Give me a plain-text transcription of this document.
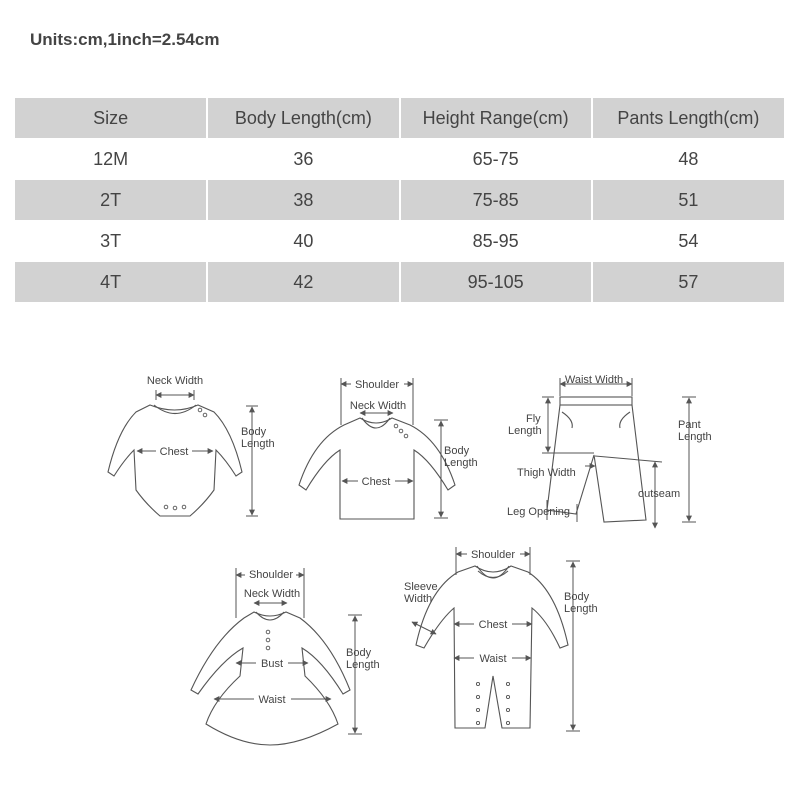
Units:cm,1inch=2.54cm
Size	Body Length(cm)	Height Range(cm)	Pants Length(cm)
12M	36	65-75	48
2T	38	75-85	51
3T	40	85-95	54
4T	42	95-105	57
Neck Width
Chest
Body
Length
Shoulder
Neck Width
Chest
Body
Length
Waist Width
Fly
Length	Pant
Length
Thigh Width
outseam
Leg Opening
Shoulder
Neck Width
Bust
Waist
Body
Length
Shoulder
Sleeve
Width
Chest
Waist
Body
Length
